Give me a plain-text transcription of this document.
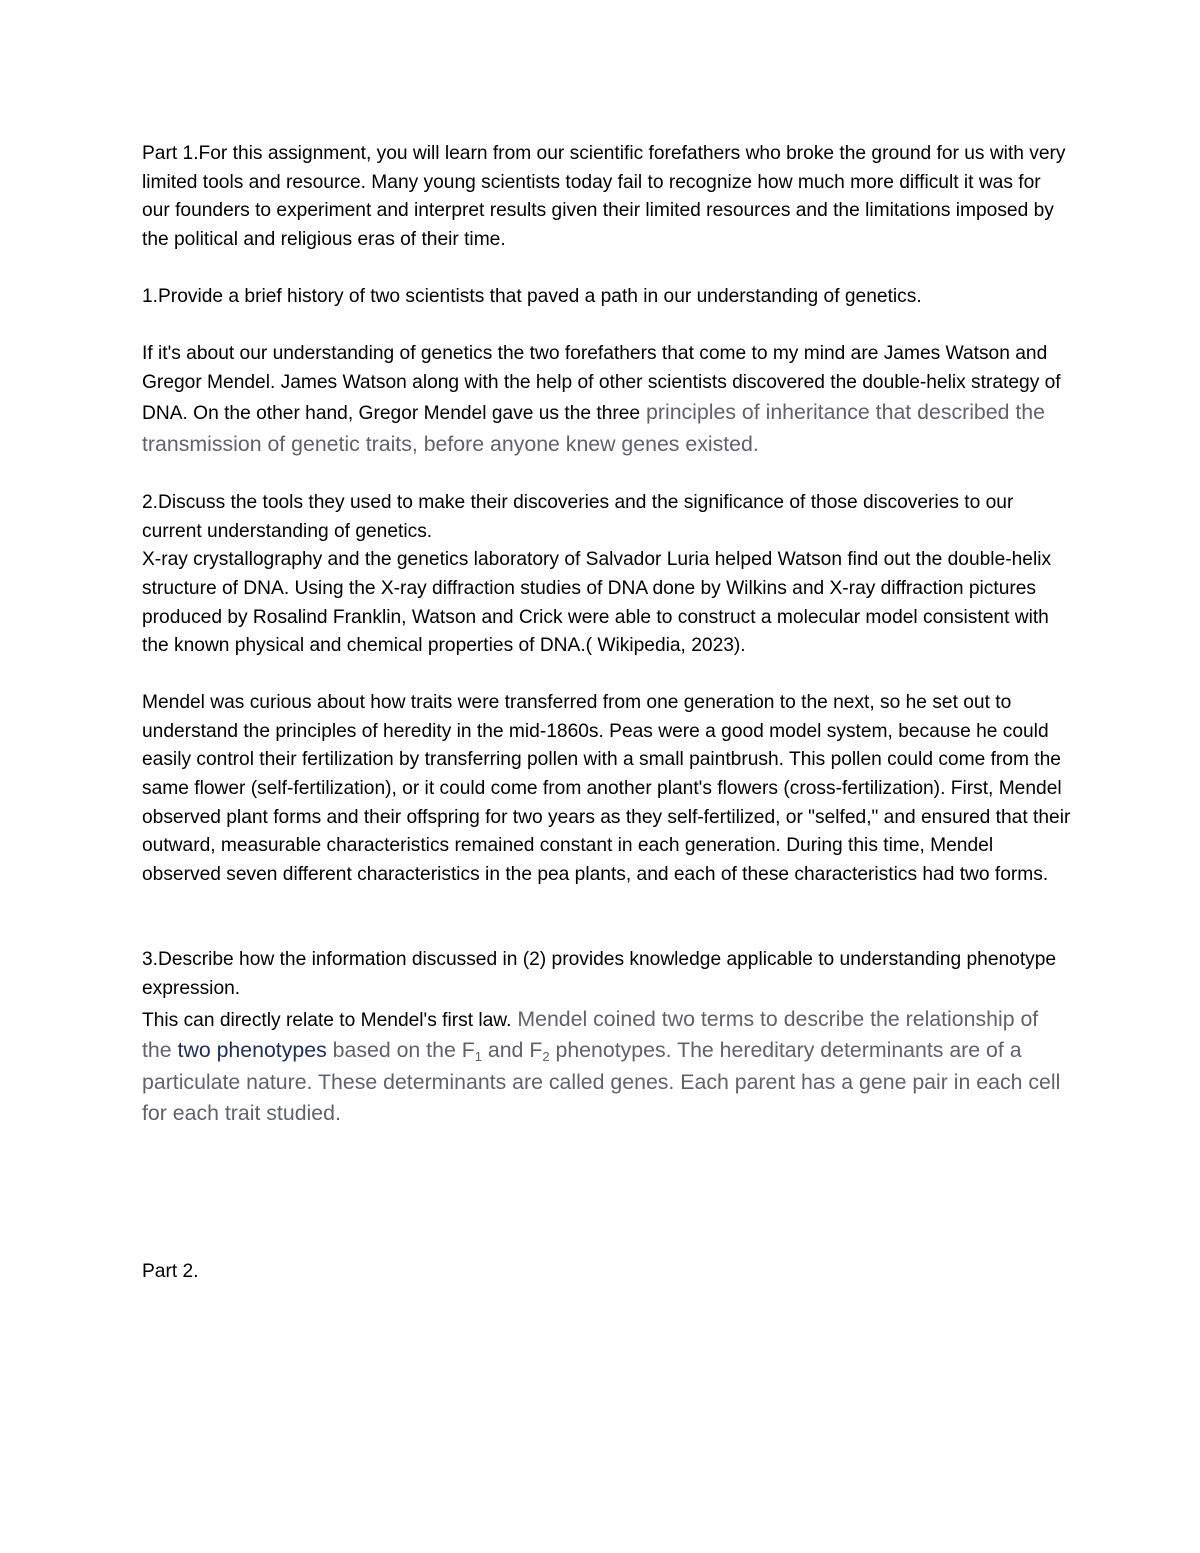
Part 1.For this assignment, you will learn from our scientific forefathers who broke the ground for us with very limited tools and resource. Many young scientists today fail to recognize how much more difficult it was for our founders to experiment and interpret results given their limited resources and the limitations imposed by the political and religious eras of their time.

1.Provide a brief history of two scientists that paved a path in our understanding of genetics.

If it's about our understanding of genetics the two forefathers that come to my mind are James Watson and Gregor Mendel. James Watson along with the help of other scientists discovered the double-helix strategy of DNA. On the other hand, Gregor Mendel gave us the three principles of inheritance that described the transmission of genetic traits, before anyone knew genes existed.

2.Discuss the tools they used to make their discoveries and the significance of those discoveries to our current understanding of genetics.

X-ray crystallography and the genetics laboratory of Salvador Luria helped Watson find out the double-helix structure of DNA. Using the X-ray diffraction studies of DNA done by Wilkins and X-ray diffraction pictures produced by Rosalind Franklin, Watson and Crick were able to construct a molecular model consistent with the known physical and chemical properties of DNA.( Wikipedia, 2023).

Mendel was curious about how traits were transferred from one generation to the next, so he set out to understand the principles of heredity in the mid-1860s. Peas were a good model system, because he could easily control their fertilization by transferring pollen with a small paintbrush. This pollen could come from the same flower (self-fertilization), or it could come from another plant's flowers (cross-fertilization). First, Mendel observed plant forms and their offspring for two years as they self-fertilized, or "selfed," and ensured that their outward, measurable characteristics remained constant in each generation. During this time, Mendel observed seven different characteristics in the pea plants, and each of these characteristics had two forms.

3.Describe how the information discussed in (2) provides knowledge applicable to understanding phenotype expression.

This can directly relate to Mendel's first law. Mendel coined two terms to describe the relationship of the two phenotypes based on the $F_1$ and $F_2$ phenotypes. The hereditary determinants are of a particulate nature. These determinants are called genes. Each parent has a gene pair in each cell for each trait studied.

Part 2.
